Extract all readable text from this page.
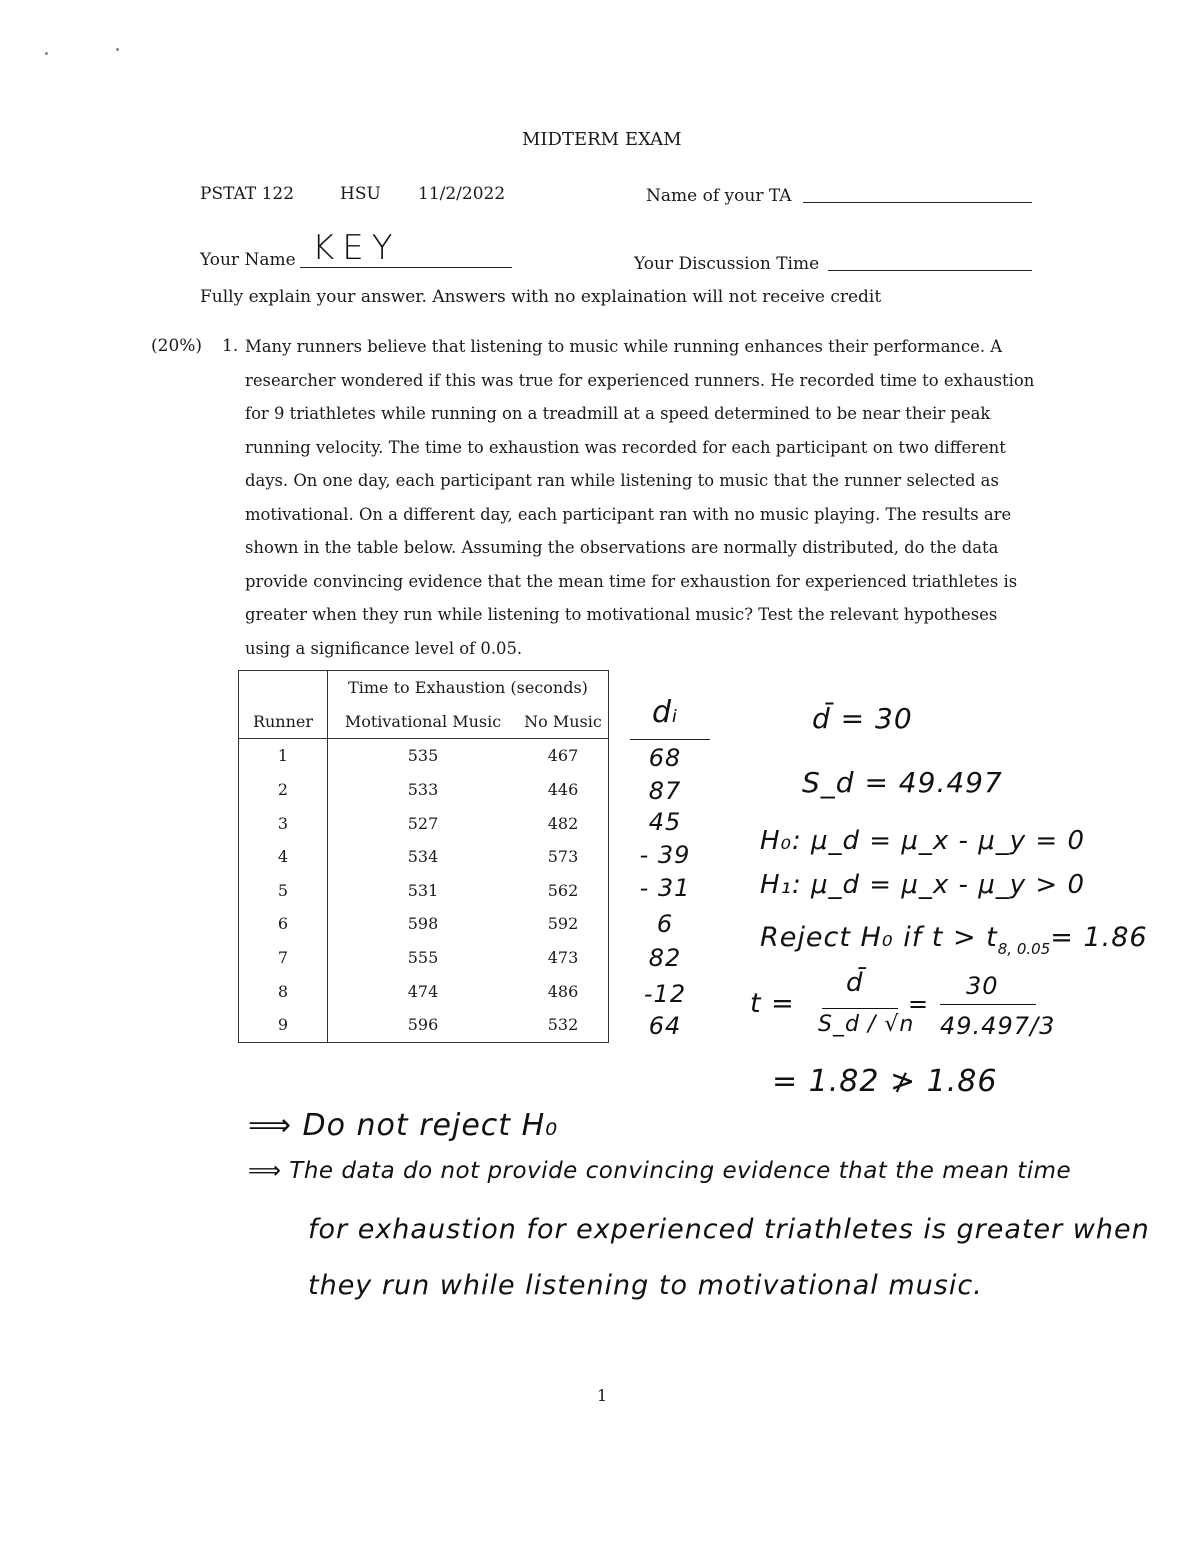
MIDTERM EXAM
PSTAT 122	HSU 11/2/2022	Name of your TA
Your Name KEY	Your Discussion Time
Fully explain your answer. Answers with no explaination will not receive credit
(20%) 1. Many runners believe that listening to music while running enhances their performance. A
researcher wondered if this was true for experienced runners. He recorded time to exhaustion
for 9 triathletes while running on a treadmill at a speed determined to be near their peak
running velocity. The time to exhaustion was recorded for each participant on two different
days. On one day, each participant ran while listening to music that the runner selected as
motivational. On a different day, each participant ran with no music playing. The results are
shown in the table below. Assuming the observations are normally distributed, do the data
provide convincing evidence that the mean time for exhaustion for experienced triathletes is
greater when they run while listening to motivational music? Test the relevant hypotheses
using a significance level of 0.05.
	Time to Exhaustion (seconds)	
Runner	Motivational Music	No Music
1	535	467
2	533	446
3	527	482
4	534	573
5	531	562
6	598	592
7	555	473
8	474	486
9	596	532
dᵢ
68
87
45
- 39
- 31
6
82
-12
64
d̄ = 30
S_d = 49.497
H₀: μ_d = μ_x - μ_y = 0
H₁: μ_d = μ_x - μ_y > 0
Reject H₀ if $t > t_{8, 0.05}= 1.86$
t =
d̄
S_d / √n
=
30
49.497/3
= 1.82 ≯ 1.86
⟹ Do not reject H₀
⟹ The data do not provide convincing evidence that the mean time
for exhaustion for experienced triathletes is greater when
they run while listening to motivational music.
1
